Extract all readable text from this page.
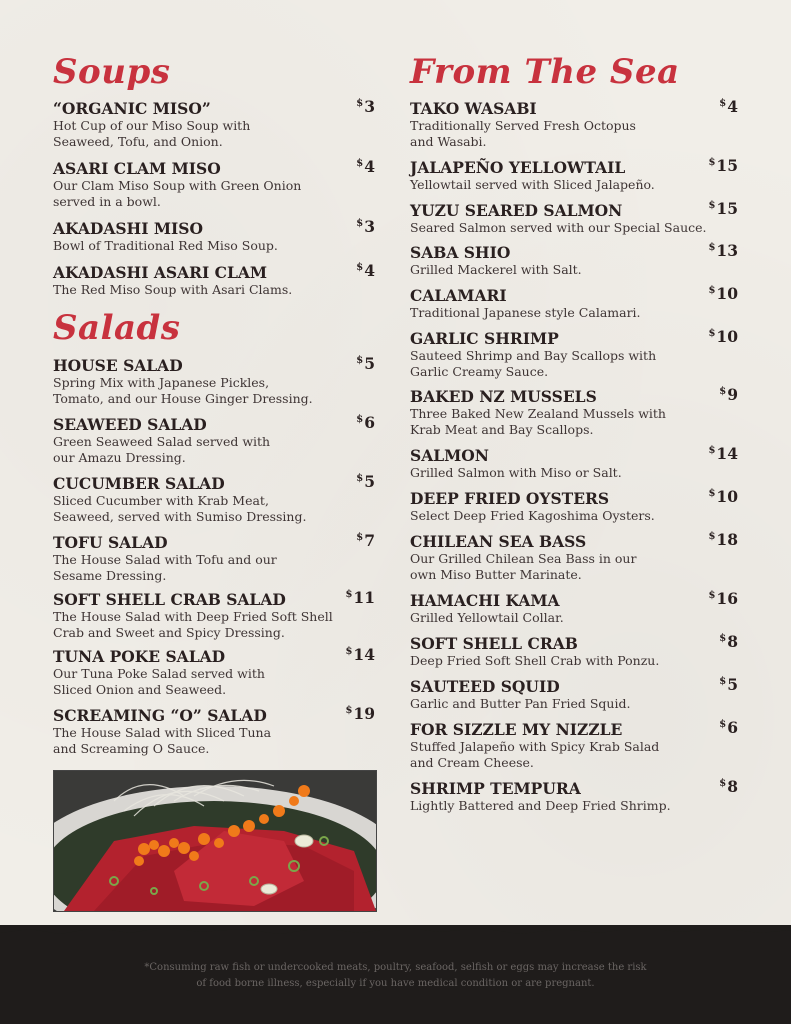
Soups
Salads
From The Sea
“ORGANIC MISO”	$3
Hot Cup of our Miso Soup with
Seaweed, Tofu, and Onion.
ASARI CLAM MISO	$4
Our Clam Miso Soup with Green Onion
served in a bowl.
AKADASHI MISO	$3
Bowl of Traditional Red Miso Soup.
AKADASHI ASARI CLAM	$4
The Red Miso Soup with Asari Clams.
HOUSE SALAD	$5
Spring Mix with Japanese Pickles,
Tomato, and our House Ginger Dressing.
SEAWEED SALAD	$6
Green Seaweed Salad served with
our Amazu Dressing.
CUCUMBER SALAD	$5
Sliced Cucumber with Krab Meat,
Seaweed, served with Sumiso Dressing.
TOFU SALAD	$7
The House Salad with Tofu and our
Sesame Dressing.
SOFT SHELL CRAB SALAD	$11
The House Salad with Deep Fried Soft Shell
Crab and Sweet and Spicy Dressing.
TUNA POKE SALAD	$14
Our Tuna Poke Salad served with
Sliced Onion and Seaweed.
SCREAMING “O” SALAD	$19
The House Salad with Sliced Tuna
and Screaming O Sauce.
TAKO WASABI	$4
Traditionally Served Fresh Octopus
and Wasabi.
JALAPEÑO YELLOWTAIL	$15
Yellowtail served with Sliced Jalapeño.
YUZU SEARED SALMON	$15
Seared Salmon served with our Special Sauce.
SABA SHIO	$13
Grilled Mackerel with Salt.
CALAMARI	$10
Traditional Japanese style Calamari.
GARLIC SHRIMP	$10
Sauteed Shrimp and Bay Scallops with
Garlic Creamy Sauce.
BAKED NZ MUSSELS	$9
Three Baked New Zealand Mussels with
Krab Meat and Bay Scallops.
SALMON	$14
Grilled Salmon with Miso or Salt.
DEEP FRIED OYSTERS	$10
Select Deep Fried Kagoshima Oysters.
CHILEAN SEA BASS	$18
Our Grilled Chilean Sea Bass in our
own Miso Butter Marinate.
HAMACHI KAMA	$16
Grilled Yellowtail Collar.
SOFT SHELL CRAB	$8
Deep Fried Soft Shell Crab with Ponzu.
SAUTEED SQUID	$5
Garlic and Butter Pan Fried Squid.
FOR SIZZLE MY NIZZLE	$6
Stuffed Jalapeño with Spicy Krab Salad
and Cream Cheese.
SHRIMP TEMPURA	$8
Lightly Battered and Deep Fried Shrimp.
*Consuming raw fish or undercooked meats, poultry, seafood, selfish or eggs may increase the risk
of food borne illness, especially if you have medical condition or are pregnant.
